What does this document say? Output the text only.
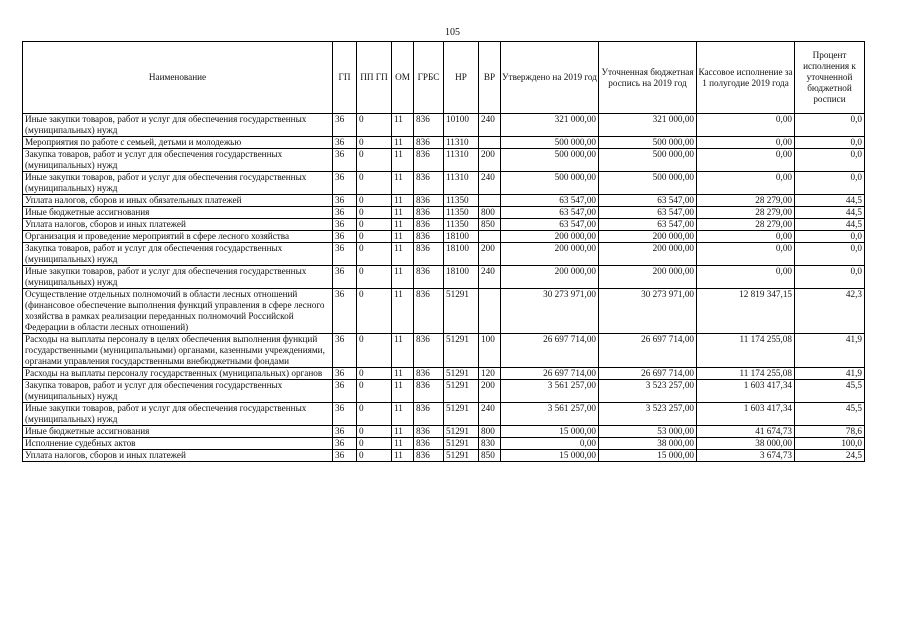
105
Наименование	ГП	ПП ГП	ОМ	ГРБС	НР	ВР	Утверждено на 2019 год	Уточненная бюджетная роспись на 2019 год	Кассовое исполнение за 1 полугодие 2019 года	Процент исполнения к уточненной бюджетной росписи
Иные закупки товаров, работ и услуг для обеспечения государственных (муниципальных) нужд	36	0	11	836	10100	240	321 000,00	321 000,00	0,00	0,0
Мероприятия по работе с семьей, детьми и молодежью	36	0	11	836	11310		500 000,00	500 000,00	0,00	0,0
Закупка товаров, работ и услуг для обеспечения государственных (муниципальных) нужд	36	0	11	836	11310	200	500 000,00	500 000,00	0,00	0,0
Иные закупки товаров, работ и услуг для обеспечения государственных (муниципальных) нужд	36	0	11	836	11310	240	500 000,00	500 000,00	0,00	0,0
Уплата налогов, сборов и иных обязательных платежей	36	0	11	836	11350		63 547,00	63 547,00	28 279,00	44,5
Иные бюджетные ассигнования	36	0	11	836	11350	800	63 547,00	63 547,00	28 279,00	44,5
Уплата налогов, сборов и иных платежей	36	0	11	836	11350	850	63 547,00	63 547,00	28 279,00	44,5
Организация и проведение мероприятий в сфере лесного хозяйства	36	0	11	836	18100		200 000,00	200 000,00	0,00	0,0
Закупка товаров, работ и услуг для обеспечения государственных (муниципальных) нужд	36	0	11	836	18100	200	200 000,00	200 000,00	0,00	0,0
Иные закупки товаров, работ и услуг для обеспечения государственных (муниципальных) нужд	36	0	11	836	18100	240	200 000,00	200 000,00	0,00	0,0
Осуществление отдельных полномочий в области лесных отношений (финансовое обеспечение выполнения функций управления в сфере лесного хозяйства в рамках реализации переданных полномочий Российской Федерации в области лесных отношений)	36	0	11	836	51291		30 273 971,00	30 273 971,00	12 819 347,15	42,3
Расходы на выплаты персоналу в целях обеспечения выполнения функций государственными (муниципальными) органами, казенными учреждениями, органами управления государственными внебюджетными фондами	36	0	11	836	51291	100	26 697 714,00	26 697 714,00	11 174 255,08	41,9
Расходы на выплаты персоналу государственных (муниципальных) органов	36	0	11	836	51291	120	26 697 714,00	26 697 714,00	11 174 255,08	41,9
Закупка товаров, работ и услуг для обеспечения государственных (муниципальных) нужд	36	0	11	836	51291	200	3 561 257,00	3 523 257,00	1 603 417,34	45,5
Иные закупки товаров, работ и услуг для обеспечения государственных (муниципальных) нужд	36	0	11	836	51291	240	3 561 257,00	3 523 257,00	1 603 417,34	45,5
Иные бюджетные ассигнования	36	0	11	836	51291	800	15 000,00	53 000,00	41 674,73	78,6
Исполнение судебных актов	36	0	11	836	51291	830	0,00	38 000,00	38 000,00	100,0
Уплата налогов, сборов и иных платежей	36	0	11	836	51291	850	15 000,00	15 000,00	3 674,73	24,5
